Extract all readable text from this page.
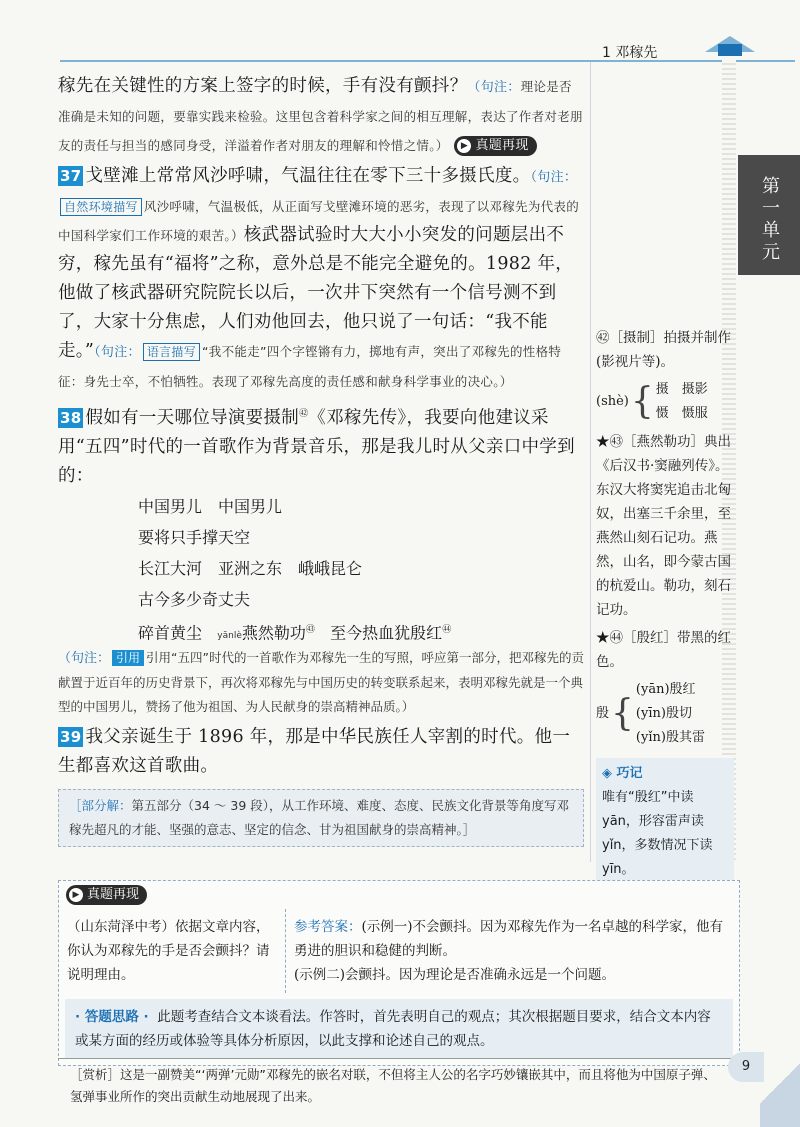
1 邓稼先
第一单元

稼先在关键性的方案上签字的时候，手有没有颤抖？（句注：理论是否准确是未知的问题，要靠实践来检验。这里包含着科学家之间的相互理解，表达了作者对老朋友的责任与担当的感同身受，洋溢着作者对朋友的理解和怜惜之情。）	▶ 真题再现

37 戈壁滩上常常风沙呼啸，气温往往在零下三十多摄氏度。（句注：自然环境描写 风沙呼啸，气温极低，从正面写戈壁滩环境的恶劣，表现了以邓稼先为代表的中国科学家们工作环境的艰苦。）核武器试验时大大小小突发的问题层出不穷，稼先虽有“福将”之称，意外总是不能完全避免的。1982 年，他做了核武器研究院院长以后，一次井下突然有一个信号测不到了，大家十分焦虑，人们劝他回去，他只说了一句话：“我不能走。”（句注： 语言描写 “我不能走”四个字铿锵有力，掷地有声，突出了邓稼先的性格特征：身先士卒，不怕牺牲。表现了邓稼先高度的责任感和献身科学事业的决心。）

38 假如有一天哪位导演要摄制$^㊷$《邓稼先传》，我要向他建议采用“五四”时代的一首歌作为背景音乐，那是我儿时从父亲口中学到的：

中国男儿　中国男儿
要将只手撑天空
长江大河　亚洲之东　峨峨昆仑
古今多少奇丈夫
碎首黄尘 yān lè 燕然勒功$^㊸$ 至今热血犹殷红$^㊹$

（句注： 引用 引用“五四”时代的一首歌作为邓稼先一生的写照，呼应第一部分，把邓稼先的贡献置于近百年的历史背景下，再次将邓稼先与中国历史的转变联系起来，表明邓稼先就是一个典型的中国男儿，赞扬了他为祖国、为人民献身的崇高精神品质。）

39 我父亲诞生于 1896 年，那是中华民族任人宰割的时代。他一生都喜欢这首歌曲。

［部分解：第五部分（34 ～ 39 段），从工作环境、难度、态度、民族文化背景等角度写邓稼先超凡的才能、坚强的意志、坚定的信念、甘为祖国献身的崇高精神。］
㊷［摄制］拍摄并制作(影视片等)。
(shè) { 摄　摄影
慑　慑服
★㊸［燕然勒功］典出《后汉书·窦融列传》。东汉大将窦宪追击北匈奴，出塞三千余里，至燕然山刻石记功。燕然，山名，即今蒙古国的杭爱山。勒功，刻石记功。
★㊹［殷红］带黑的红色。
殷 {
(yān)殷红
(yīn)殷切
(yǐn)殷其雷
◈ 巧记
唯有“殷红”中读yān，形容雷声读yǐn，多数情况下读yīn。
（山东菏泽中考）依据文章内容，你认为邓稼先的手是否会颤抖？请说明理由。
参考答案：(示例一)不会颤抖。因为邓稼先作为一名卓越的科学家，他有勇进的胆识和稳健的判断。
(示例二)会颤抖。因为理论是否准确永远是一个问题。
· 答题思路 · 此题考查结合文本谈看法。作答时，首先表明自己的观点；其次根据题目要求，结合文本内容或某方面的经历或体验等具体分析原因，以此支撑和论述自己的观点。
▶ 真题再现
［赏析］这是一副赞美“‘两弹’元勋”邓稼先的嵌名对联，不但将主人公的名字巧妙镶嵌其中，而且将他为中国原子弹、氢弹事业所作的突出贡献生动地展现了出来。
9
